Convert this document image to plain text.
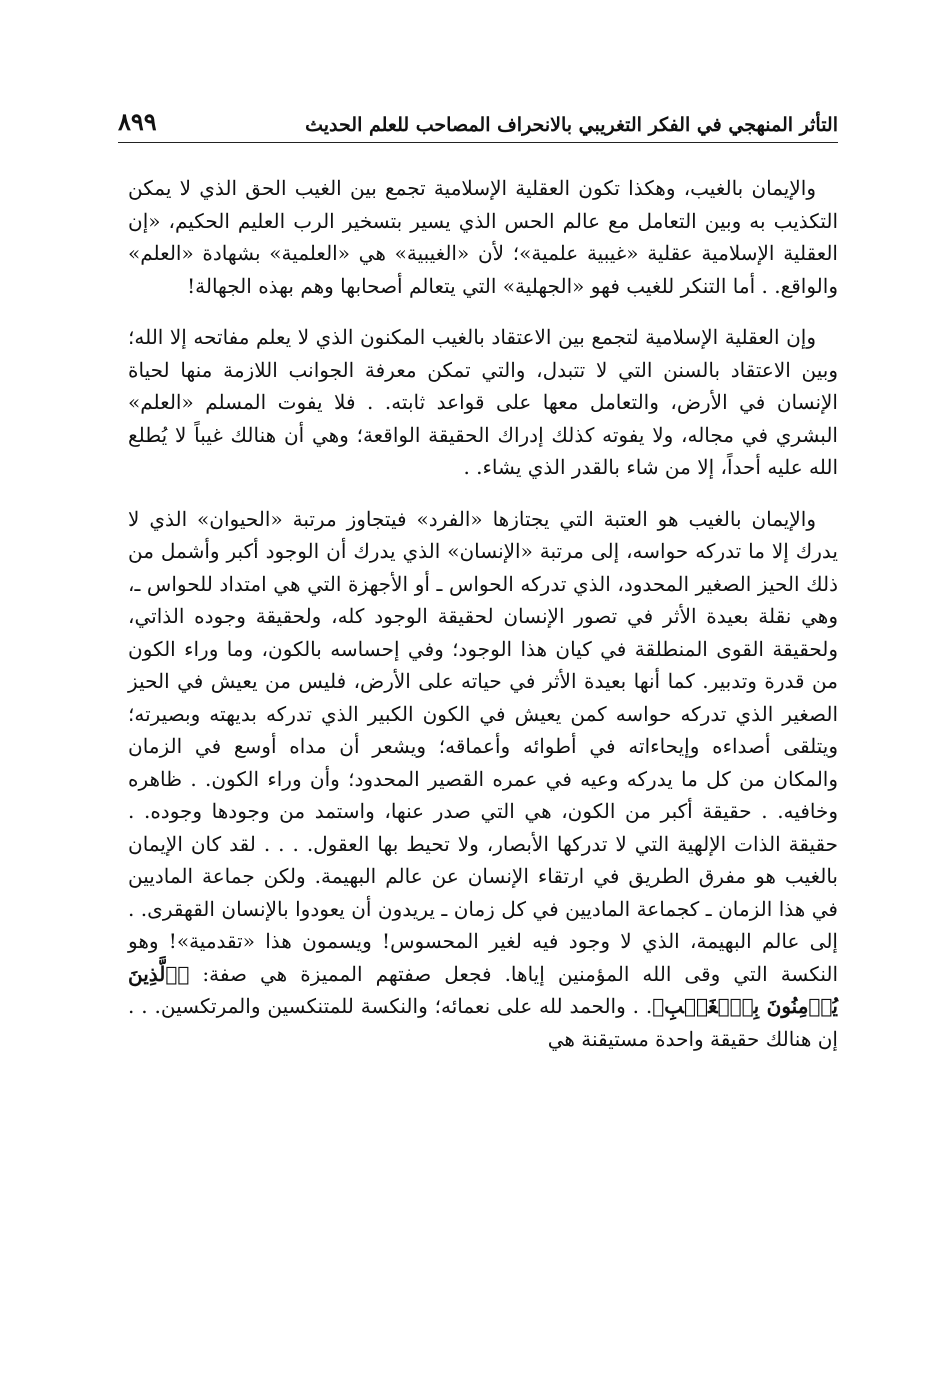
التأثر المنهجي في الفكر التغريبي بالانحراف المصاحب للعلم الحديث
٨٩٩

والإيمان بالغيب، وهكذا تكون العقلية الإسلامية تجمع بين الغيب الحق الذي لا يمكن التكذيب به وبين التعامل مع عالم الحس الذي يسير بتسخير الرب العليم الحكيم، «إن العقلية الإسلامية عقلية «غيبية علمية»؛ لأن «الغيبية» هي «العلمية» بشهادة «العلم» والواقع. . أما التنكر للغيب فهو «الجهلية» التي يتعالم أصحابها وهم بهذه الجهالة!

وإن العقلية الإسلامية لتجمع بين الاعتقاد بالغيب المكنون الذي لا يعلم مفاتحه إلا الله؛ وبين الاعتقاد بالسنن التي لا تتبدل، والتي تمكن معرفة الجوانب اللازمة منها لحياة الإنسان في الأرض، والتعامل معها على قواعد ثابته. . فلا يفوت المسلم «العلم» البشري في مجاله، ولا يفوته كذلك إدراك الحقيقة الواقعة؛ وهي أن هنالك غيباً لا يُطلع الله عليه أحداً، إلا من شاء بالقدر الذي يشاء. .

والإيمان بالغيب هو العتبة التي يجتازها «الفرد» فيتجاوز مرتبة «الحيوان» الذي لا يدرك إلا ما تدركه حواسه، إلى مرتبة «الإنسان» الذي يدرك أن الوجود أكبر وأشمل من ذلك الحيز الصغير المحدود، الذي تدركه الحواس ـ أو الأجهزة التي هي امتداد للحواس ـ، وهي نقلة بعيدة الأثر في تصور الإنسان لحقيقة الوجود كله، ولحقيقة وجوده الذاتي، ولحقيقة القوى المنطلقة في كيان هذا الوجود؛ وفي إحساسه بالكون، وما وراء الكون من قدرة وتدبير. كما أنها بعيدة الأثر في حياته على الأرض، فليس من يعيش في الحيز الصغير الذي تدركه حواسه كمن يعيش في الكون الكبير الذي تدركه بديهته وبصيرته؛ ويتلقى أصداءه وإيحاءاته في أطوائه وأعماقه؛ ويشعر أن مداه أوسع في الزمان والمكان من كل ما يدركه وعيه في عمره القصير المحدود؛ وأن وراء الكون. . ظاهره وخافيه. . حقيقة أكبر من الكون، هي التي صدر عنها، واستمد من وجودها وجوده. . حقيقة الذات الإلهية التي لا تدركها الأبصار، ولا تحيط بها العقول. . . . لقد كان الإيمان بالغيب هو مفرق الطريق في ارتقاء الإنسان عن عالم البهيمة. ولكن جماعة الماديين في هذا الزمان ـ كجماعة الماديين في كل زمان ـ يريدون أن يعودوا بالإنسان القهقرى. . إلى عالم البهيمة، الذي لا وجود فيه لغير المحسوس! ويسمون هذا «تقدمية»! وهو النكسة التي وقى الله المؤمنين إياها. فجعل صفتهم المميزة هي صفة: ﴿ٱلَّذِينَ يُؤۡمِنُونَ بِٱلۡغَيۡبِ﴾. . والحمد لله على نعمائه؛ والنكسة للمتنكسين والمرتكسين. . . إن هنالك حقيقة واحدة مستيقنة هي
